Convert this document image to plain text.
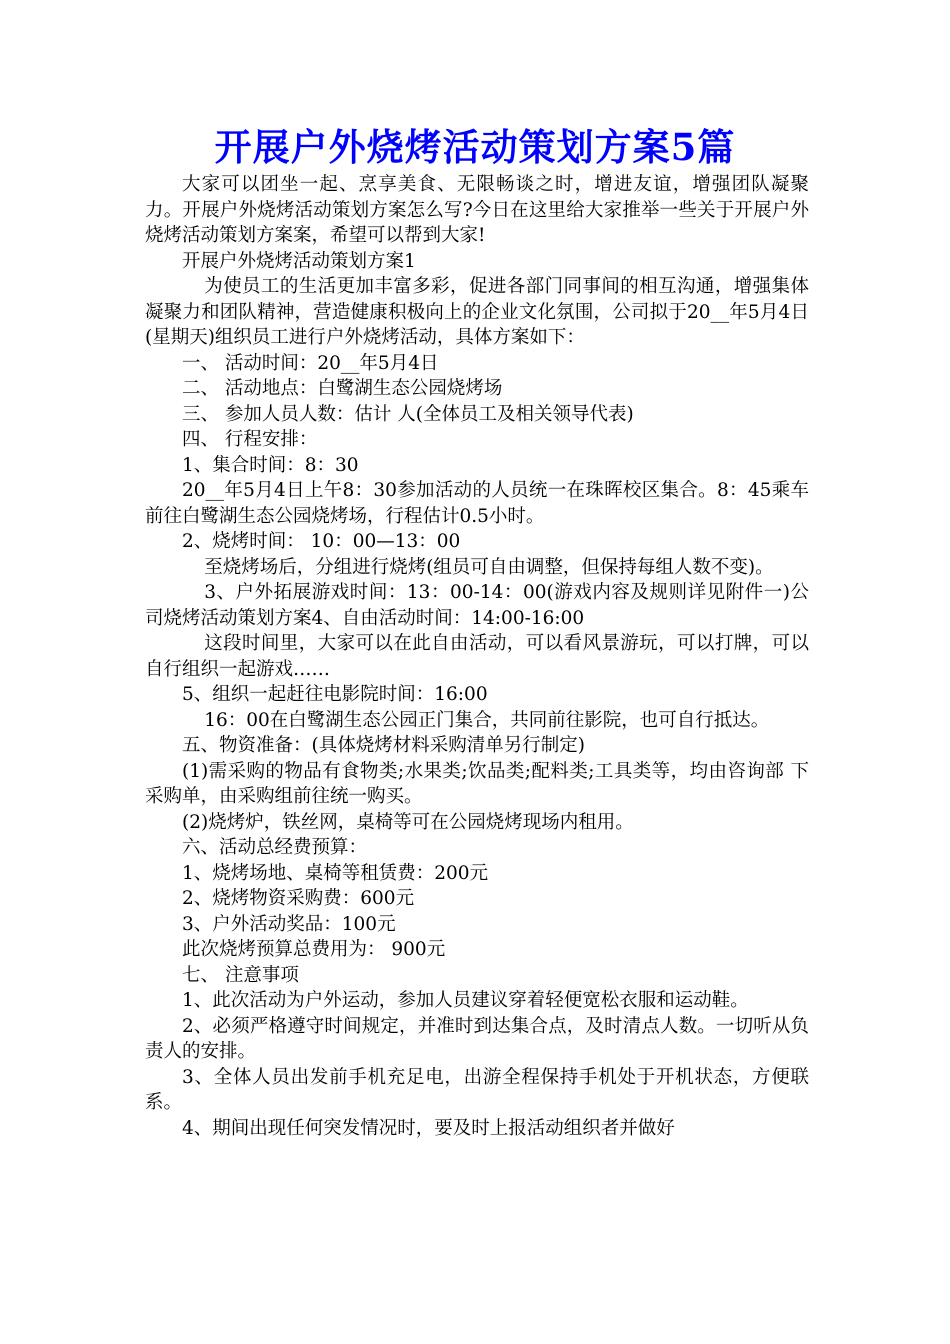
开展户外烧烤活动策划方案5篇

大家可以团坐一起、烹享美食、无限畅谈之时，增进友谊，增强团队凝聚力。开展户外烧烤活动策划方案怎么写?今日在这里给大家推举一些关于开展户外烧烤活动策划方案案，希望可以帮到大家!

开展户外烧烤活动策划方案1

为使员工的生活更加丰富多彩，促进各部门同事间的相互沟通，增强集体凝聚力和团队精神，营造健康积极向上的企业文化氛围，公司拟于20__年5月4日(星期天)组织员工进行户外烧烤活动，具体方案如下：

一、 活动时间：20__年5月4日

二、 活动地点：白鹭湖生态公园烧烤场

三、 参加人员人数：估计 人(全体员工及相关领导代表)

四、 行程安排：

1、集合时间：8：30

20__年5月4日上午8：30参加活动的人员统一在珠晖校区集合。8：45乘车前往白鹭湖生态公园烧烤场，行程估计0.5小时。

2、烧烤时间： 10：00—13：00

至烧烤场后，分组进行烧烤(组员可自由调整，但保持每组人数不变)。

3、户外拓展游戏时间：13：00-14：00(游戏内容及规则详见附件一)公司烧烤活动策划方案4、自由活动时间：14:00-16:00

这段时间里，大家可以在此自由活动，可以看风景游玩，可以打牌，可以自行组织一起游戏……

5、组织一起赶往电影院时间：16:00

16：00在白鹭湖生态公园正门集合，共同前往影院，也可自行抵达。

五、物资准备：(具体烧烤材料采购清单另行制定)

(1)需采购的物品有食物类;水果类;饮品类;配料类;工具类等，均由咨询部 下采购单，由采购组前往统一购买。

(2)烧烤炉，铁丝网，桌椅等可在公园烧烤现场内租用。

六、活动总经费预算：

1、烧烤场地、桌椅等租赁费：200元

2、烧烤物资采购费：600元

3、户外活动奖品：100元

此次烧烤预算总费用为： 900元

七、 注意事项

1、此次活动为户外运动，参加人员建议穿着轻便宽松衣服和运动鞋。

2、必须严格遵守时间规定，并准时到达集合点，及时清点人数。一切听从负责人的安排。

3、全体人员出发前手机充足电，出游全程保持手机处于开机状态，方便联系。

4、期间出现任何突发情况时，要及时上报活动组织者并做好
